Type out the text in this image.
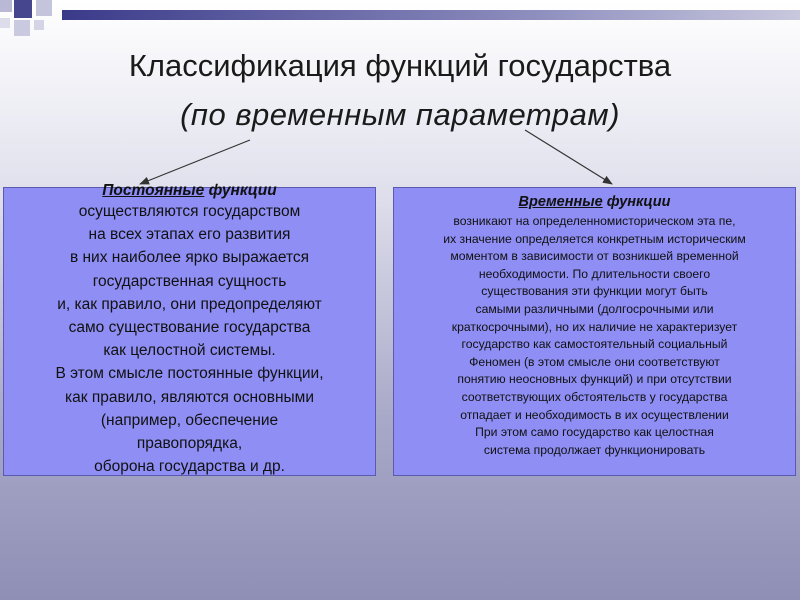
Классификация функций государства
(по временным параметрам)
Постоянные функции
осуществляются государством
на всех этапах его развития
в них наиболее ярко выражается
государственная сущность
и, как правило, они предопределяют
само существование государства
как целостной системы.
В этом смысле постоянные функции,
как правило, являются основными
(например, обеспечение
правопорядка,
оборона государства и др.
Временные функции
возникают на определенномисторическом эта пе,
их значение определяется конкретным историческим
моментом в зависимости от возникшей временной
необходимости. По длительности своего
существования эти функции могут быть
самыми различными (долгосрочными или
краткосрочными), но их наличие не характеризует
государство как самостоятельный социальный
Феномен (в этом смысле они соответствуют
понятию неосновных функций) и при отсутствии
соответствующих обстоятельств у государства
отпадает и необходимость в их осуществлении
При этом само государство как целостная
система продолжает функционировать
